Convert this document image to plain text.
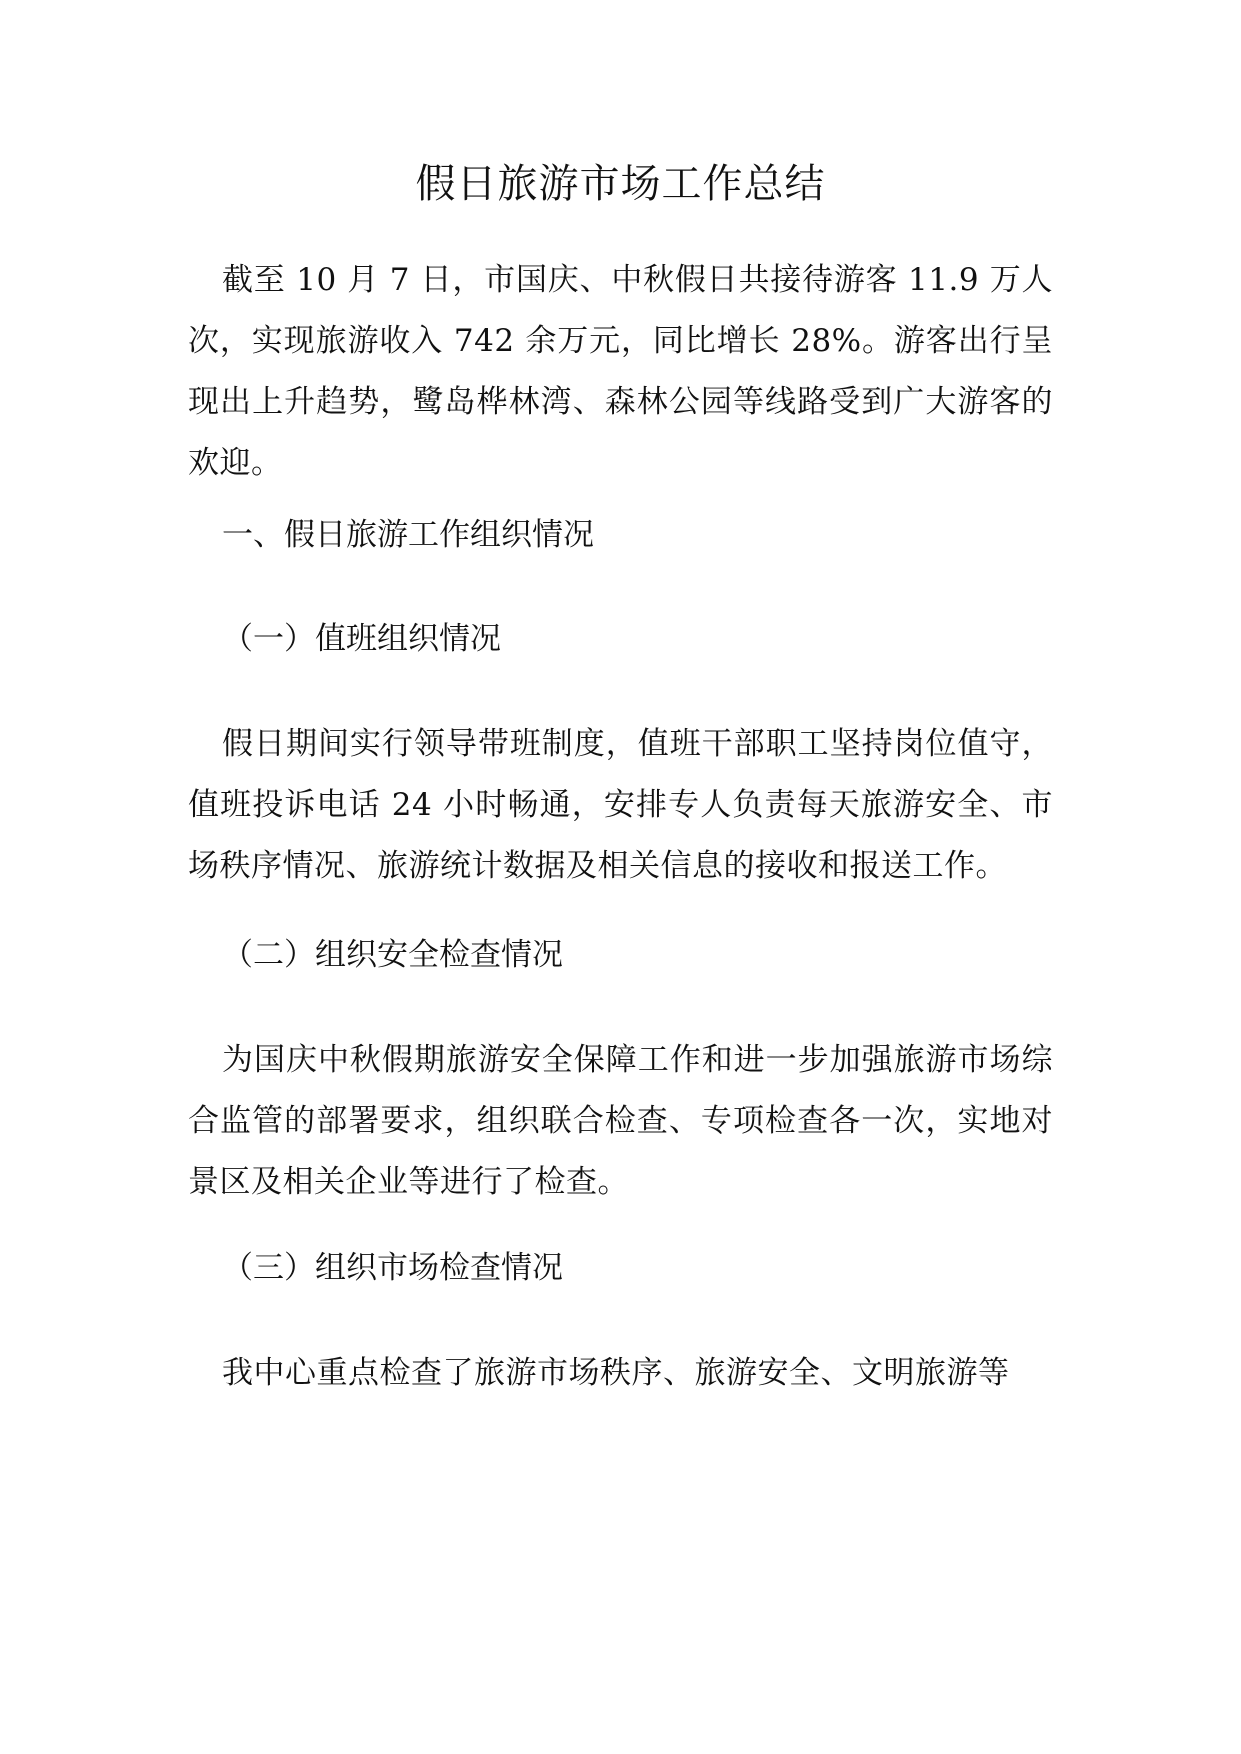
假日旅游市场工作总结

截至 10 月 7 日，市国庆、中秋假日共接待游客 11.9 万人次，实现旅游收入 742 余万元，同比增长 28%。游客出行呈现出上升趋势，鹭岛桦林湾、森林公园等线路受到广大游客的欢迎。

一、假日旅游工作组织情况

（一）值班组织情况

假日期间实行领导带班制度，值班干部职工坚持岗位值守，值班投诉电话 24 小时畅通，安排专人负责每天旅游安全、市场秩序情况、旅游统计数据及相关信息的接收和报送工作。

（二）组织安全检查情况

为国庆中秋假期旅游安全保障工作和进一步加强旅游市场综合监管的部署要求，组织联合检查、专项检查各一次，实地对景区及相关企业等进行了检查。

（三）组织市场检查情况

我中心重点检查了旅游市场秩序、旅游安全、文明旅游等
